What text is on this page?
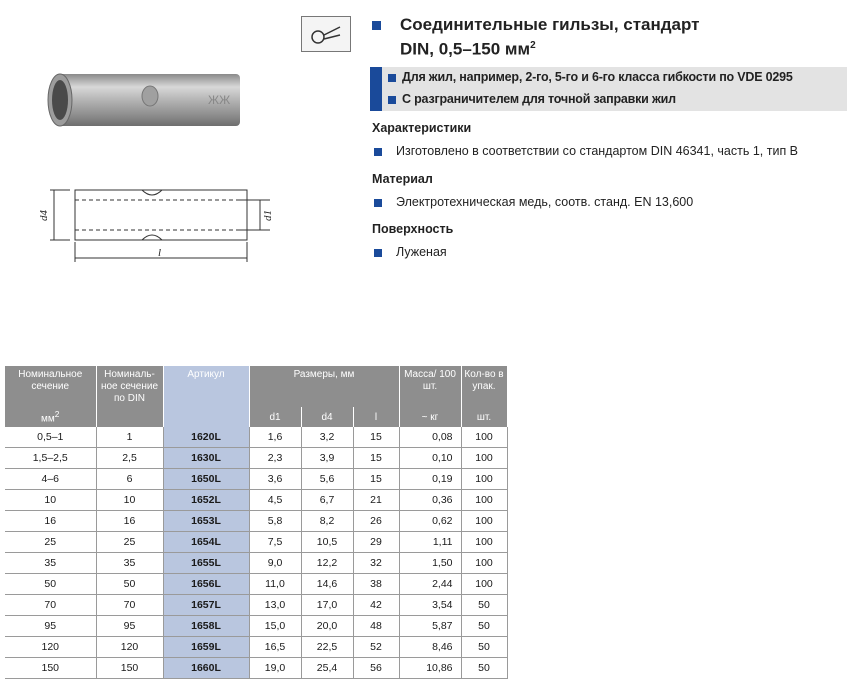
ЖЖ
d4	d1
l
Соединительные гильзы, стандарт
DIN, 0,5–150 $мм^2$
Для жил, например, 2-го, 5-го и 6-го класса гибкости по VDE 0295
С разграничителем для точной заправки жил
Характеристики
Изготовлено в соответствии со стандартом DIN 46341, часть 1, тип В
Материал
Электротехническая медь, соотв. станд. EN 13,600
Поверхность
Луженая
Номинальное сечение	Номиналь-ное сечение по DIN	Артикул	Размеры, мм			Масса/ 100 шт.	Кол-во в упак.
$мм^2$			d1	d4	l	~ кг	шт.
0,5–1	1	1620L	1,6	3,2	15	0,08	100
1,5–2,5	2,5	1630L	2,3	3,9	15	0,10	100
4–6	6	1650L	3,6	5,6	15	0,19	100
10	10	1652L	4,5	6,7	21	0,36	100
16	16	1653L	5,8	8,2	26	0,62	100
25	25	1654L	7,5	10,5	29	1,11	100
35	35	1655L	9,0	12,2	32	1,50	100
50	50	1656L	11,0	14,6	38	2,44	100
70	70	1657L	13,0	17,0	42	3,54	50
95	95	1658L	15,0	20,0	48	5,87	50
120	120	1659L	16,5	22,5	52	8,46	50
150	150	1660L	19,0	25,4	56	10,86	50
